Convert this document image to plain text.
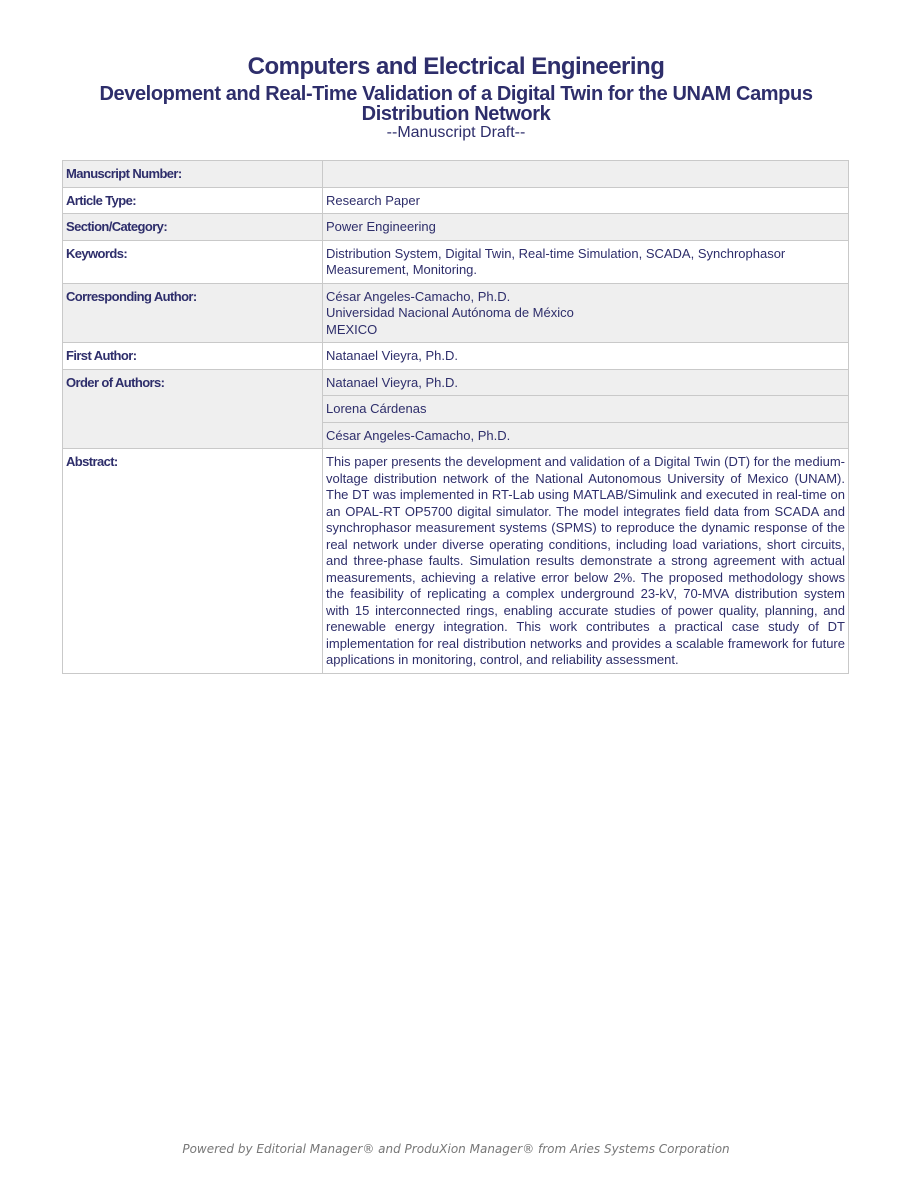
Computers and Electrical Engineering
Development and Real-Time Validation of a Digital Twin for the UNAM Campus Distribution Network
--Manuscript Draft--
Manuscript Number:	
Article Type:	Research Paper
Section/Category:	Power Engineering
Keywords:	Distribution System, Digital Twin, Real-time Simulation, SCADA, Synchrophasor Measurement, Monitoring.
Corresponding Author:	César Angeles-Camacho, Ph.D.
Universidad Nacional Autónoma de México
MEXICO

First Author:	Natanael Vieyra, Ph.D.
Order of Authors:	Natanael Vieyra, Ph.D.
	Lorena Cárdenas
	César Angeles-Camacho, Ph.D.
Abstract:	This paper presents the development and validation of a Digital Twin (DT) for the medium-voltage distribution network of the National Autonomous University of Mexico (UNAM). The DT was implemented in RT-Lab using MATLAB/Simulink and executed in real-time on an OPAL-RT OP5700 digital simulator. The model integrates field data from SCADA and synchrophasor measurement systems (SPMS) to reproduce the dynamic response of the real network under diverse operating conditions, including load variations, short circuits, and three-phase faults. Simulation results demonstrate a strong agreement with actual measurements, achieving a relative error below 2%. The proposed methodology shows the feasibility of replicating a complex underground 23-kV, 70-MVA distribution system with 15 interconnected rings, enabling accurate studies of power quality, planning, and renewable energy integration. This work contributes a practical case study of DT implementation for real distribution networks and provides a scalable framework for future applications in monitoring, control, and reliability assessment.
Powered by Editorial Manager® and ProduXion Manager® from Aries Systems Corporation
